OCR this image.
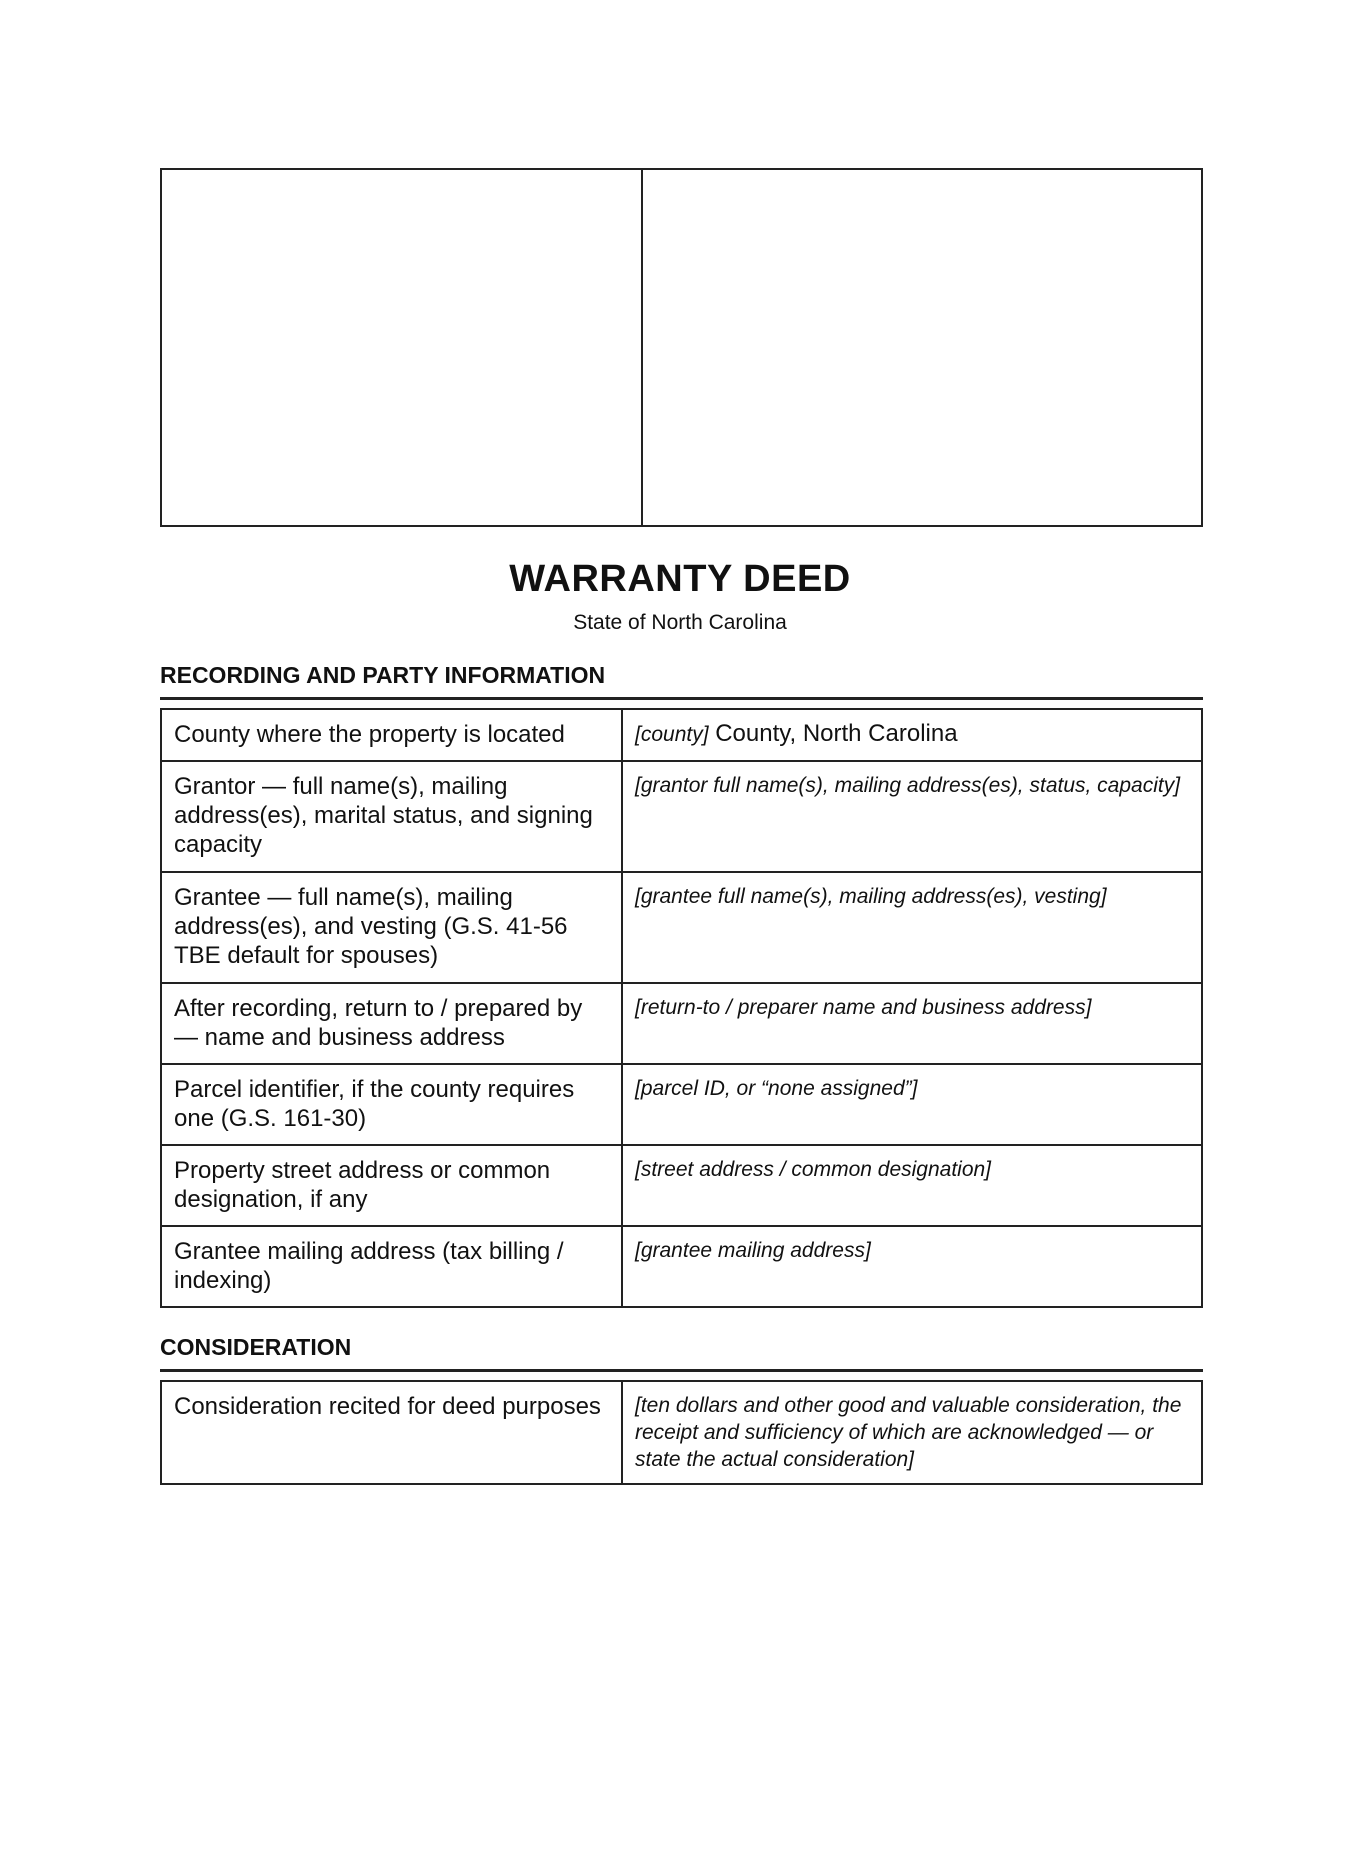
WARRANTY DEED
State of North Carolina
RECORDING AND PARTY INFORMATION
County where the property is located	[county] County, North Carolina
Grantor — full name(s), mailing address(es), marital status, and signing capacity	[grantor full name(s), mailing address(es), status, capacity]
Grantee — full name(s), mailing address(es), and vesting (G.S. 41-56 TBE default for spouses)	[grantee full name(s), mailing address(es), vesting]
After recording, return to / prepared by — name and business address	[return-to / preparer name and business address]
Parcel identifier, if the county requires one (G.S. 161-30)	[parcel ID, or “none assigned”]
Property street address or common designation, if any	[street address / common designation]
Grantee mailing address (tax billing / indexing)	[grantee mailing address]
CONSIDERATION
Consideration recited for deed purposes	[ten dollars and other good and valuable consideration, the receipt and sufficiency of which are acknowledged — or state the actual consideration]
